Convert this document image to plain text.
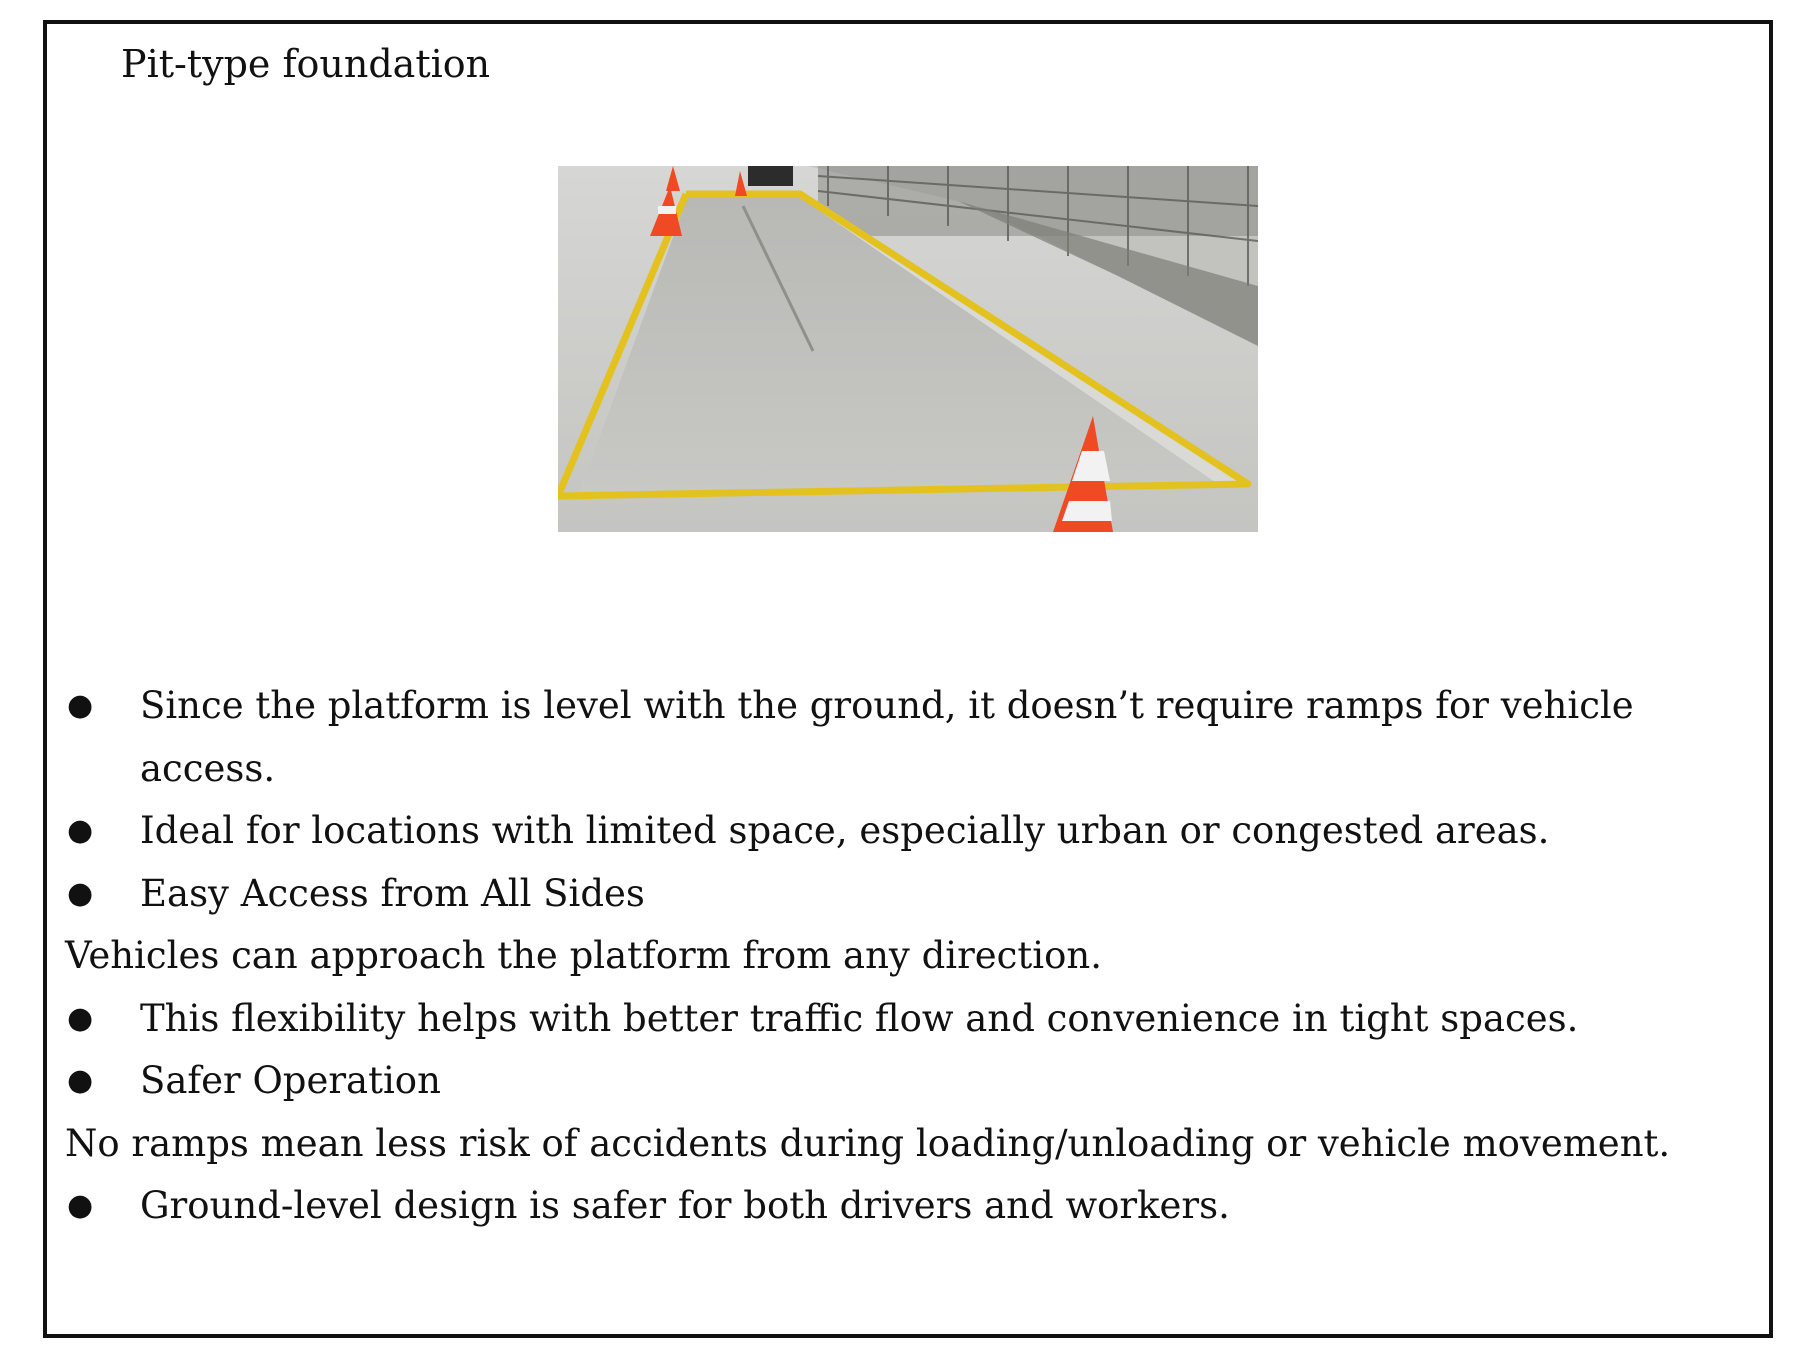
Pit-type foundation
● Since the platform is level with the ground, it doesn’t require ramps for vehicle
access.
● Ideal for locations with limited space, especially urban or congested areas.
● Easy Access from All Sides
Vehicles can approach the platform from any direction.
● This flexibility helps with better traffic flow and convenience in tight spaces.
● Safer Operation
No ramps mean less risk of accidents during loading/unloading or vehicle movement.
● Ground-level design is safer for both drivers and workers.
